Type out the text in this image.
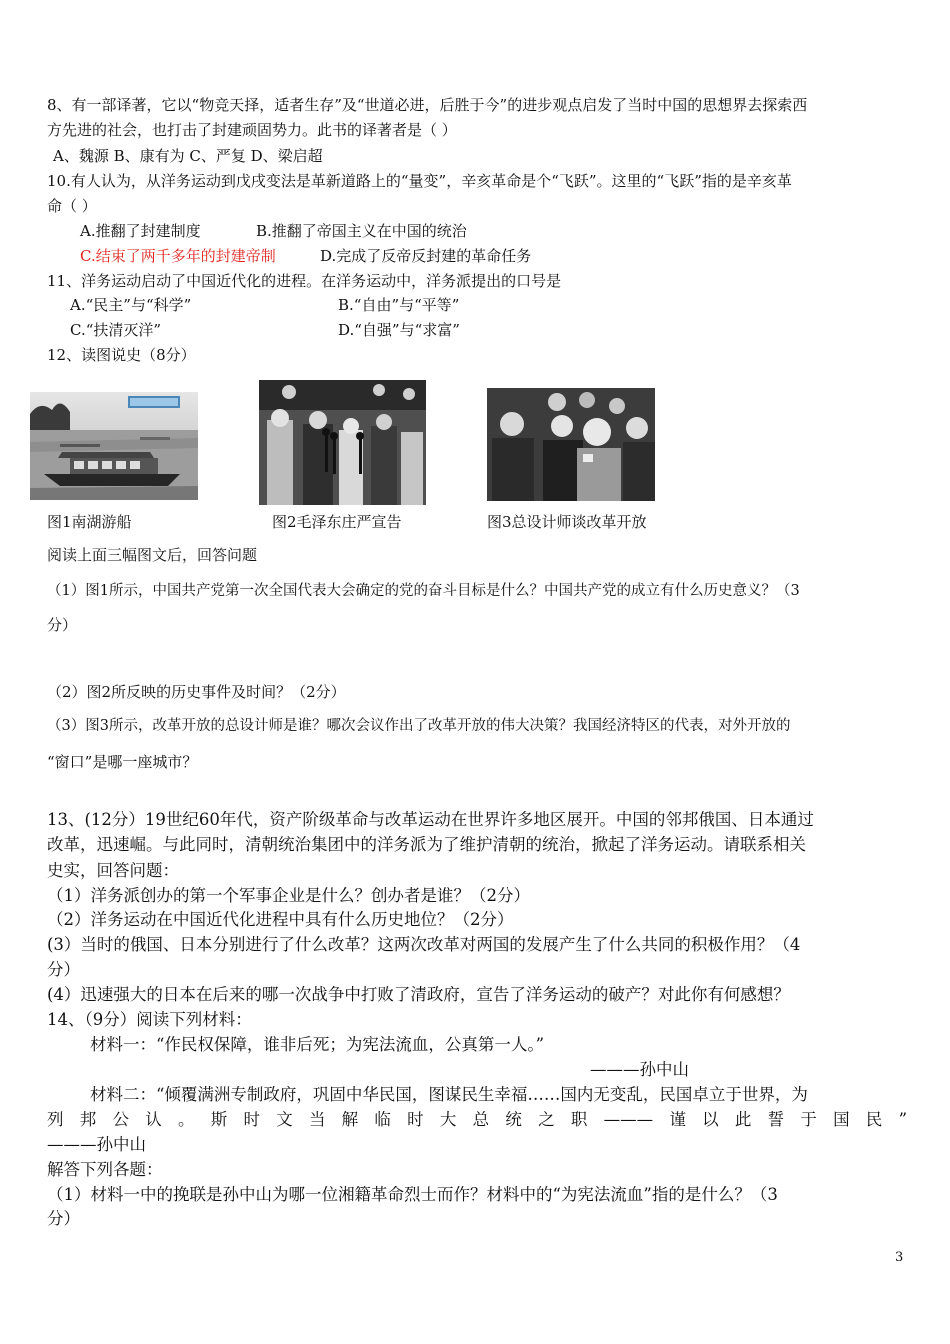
8、有一部译著，它以“物竞天择，适者生存”及“世道必进，后胜于今”的进步观点启发了当时中国的思想界去探索西
方先进的社会，也打击了封建顽固势力。此书的译著者是（ ）
A、魏源 B、康有为 C、严复 D、梁启超
10.有人认为，从洋务运动到戊戌变法是革新道路上的“量变”，辛亥革命是个“飞跃”。这里的“飞跃”指的是辛亥革
命（ ）
A.推翻了封建制度	B.推翻了帝国主义在中国的统治
C.结束了两千多年的封建帝制	D.完成了反帝反封建的革命任务
11、洋务运动启动了中国近代化的进程。在洋务运动中，洋务派提出的口号是
A.“民主”与“科学”	B.“自由”与“平等”
C.“扶清灭洋”	D.“自强”与“求富”
12、读图说史（8分）
图1南湖游船	图2毛泽东庄严宣告	图3总设计师谈改革开放
阅读上面三幅图文后，回答问题
（1）图1所示，中国共产党第一次全国代表大会确定的党的奋斗目标是什么？中国共产党的成立有什么历史意义？（3
分）
（2）图2所反映的历史事件及时间？（2分）
（3）图3所示，改革开放的总设计师是谁？哪次会议作出了改革开放的伟大决策？我国经济特区的代表，对外开放的
“窗口”是哪一座城市？
13、(12分）19世纪60年代，资产阶级革命与改革运动在世界许多地区展开。中国的邻邦俄国、日本通过
改革，迅速崛。与此同时，清朝统治集团中的洋务派为了维护清朝的统治，掀起了洋务运动。请联系相关
史实，回答问题：
（1）洋务派创办的第一个军事企业是什么？创办者是谁？（2分）
（2）洋务运动在中国近代化进程中具有什么历史地位？（2分）
(3）当时的俄国、日本分别进行了什么改革？这两次改革对两国的发展产生了什么共同的积极作用？（4
分）
(4）迅速强大的日本在后来的哪一次战争中打败了清政府，宣告了洋务运动的破产？对此你有何感想？
14、（9分）阅读下列材料：
材料一：“作民权保障，谁非后死；为宪法流血，公真第一人。”
———孙中山
材料二：“倾覆满洲专制政府，巩固中华民国，图谋民生幸福……国内无变乱，民国卓立于世界，为
列邦公认。斯时文当解临时大总统之职———谨以此誓于国民”
———孙中山
解答下列各题：
（1）材料一中的挽联是孙中山为哪一位湘籍革命烈士而作？材料中的“为宪法流血”指的是什么？（3
分）
3
